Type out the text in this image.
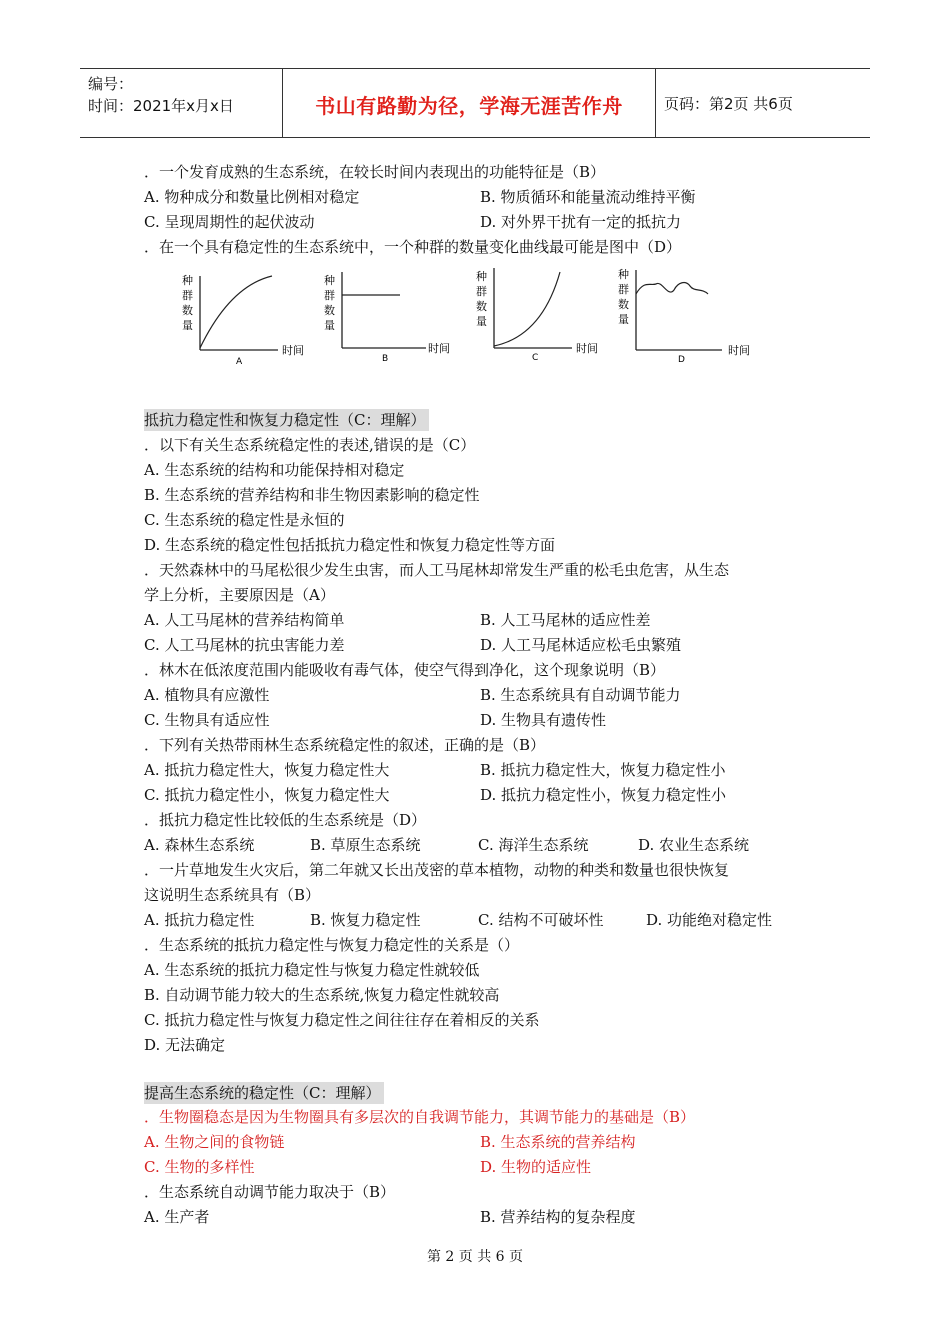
编号：
时间：2021年x月x日	书山有路勤为径，学海无涯苦作舟	页码：第2页 共6页
．一个发育成熟的生态系统，在较长时间内表现出的功能特征是（B）
A. 物种成分和数量比例相对稳定	B. 物质循环和能量流动维持平衡
C. 呈现周期性的起伏波动	D. 对外界干扰有一定的抵抗力
．在一个具有稳定性的生态系统中，一个种群的数量变化曲线最可能是图中（D）
抵抗力稳定性和恢复力稳定性（C：理解）
．以下有关生态系统稳定性的表述,错误的是（C）
A. 生态系统的结构和功能保持相对稳定
B. 生态系统的营养结构和非生物因素影响的稳定性
C. 生态系统的稳定性是永恒的
D. 生态系统的稳定性包括抵抗力稳定性和恢复力稳定性等方面
．天然森林中的马尾松很少发生虫害，而人工马尾林却常发生严重的松毛虫危害，从生态
学上分析，主要原因是（A）
A. 人工马尾林的营养结构简单	B. 人工马尾林的适应性差
C. 人工马尾林的抗虫害能力差	D. 人工马尾林适应松毛虫繁殖
．林木在低浓度范围内能吸收有毒气体，使空气得到净化，这个现象说明（B）
A. 植物具有应激性	B. 生态系统具有自动调节能力
C. 生物具有适应性	D. 生物具有遗传性
．下列有关热带雨林生态系统稳定性的叙述，正确的是（B）
A. 抵抗力稳定性大，恢复力稳定性大	B. 抵抗力稳定性大，恢复力稳定性小
C. 抵抗力稳定性小，恢复力稳定性大	D. 抵抗力稳定性小，恢复力稳定性小
．抵抗力稳定性比较低的生态系统是（D）
A. 森林生态系统	B. 草原生态系统	C. 海洋生态系统	D. 农业生态系统
．一片草地发生火灾后，第二年就又长出茂密的草本植物，动物的种类和数量也很快恢复
这说明生态系统具有（B）
A. 抵抗力稳定性	B. 恢复力稳定性	C. 结构不可破坏性	D. 功能绝对稳定性
．生态系统的抵抗力稳定性与恢复力稳定性的关系是（）
A. 生态系统的抵抗力稳定性与恢复力稳定性就较低
B. 自动调节能力较大的生态系统,恢复力稳定性就较高
C. 抵抗力稳定性与恢复力稳定性之间往往存在着相反的关系
D. 无法确定
提高生态系统的稳定性（C：理解）
．生物圈稳态是因为生物圈具有多层次的自我调节能力，其调节能力的基础是（B）
A. 生物之间的食物链	B. 生态系统的营养结构
C. 生物的多样性	D. 生物的适应性
．生态系统自动调节能力取决于（B）
A. 生产者	B. 营养结构的复杂程度
种
群
数
量
时间
A
种
群
数
量
时间
B
种
群
数
量
时间
C
种
群
数
量
时间
D
第 2 页 共 6 页
